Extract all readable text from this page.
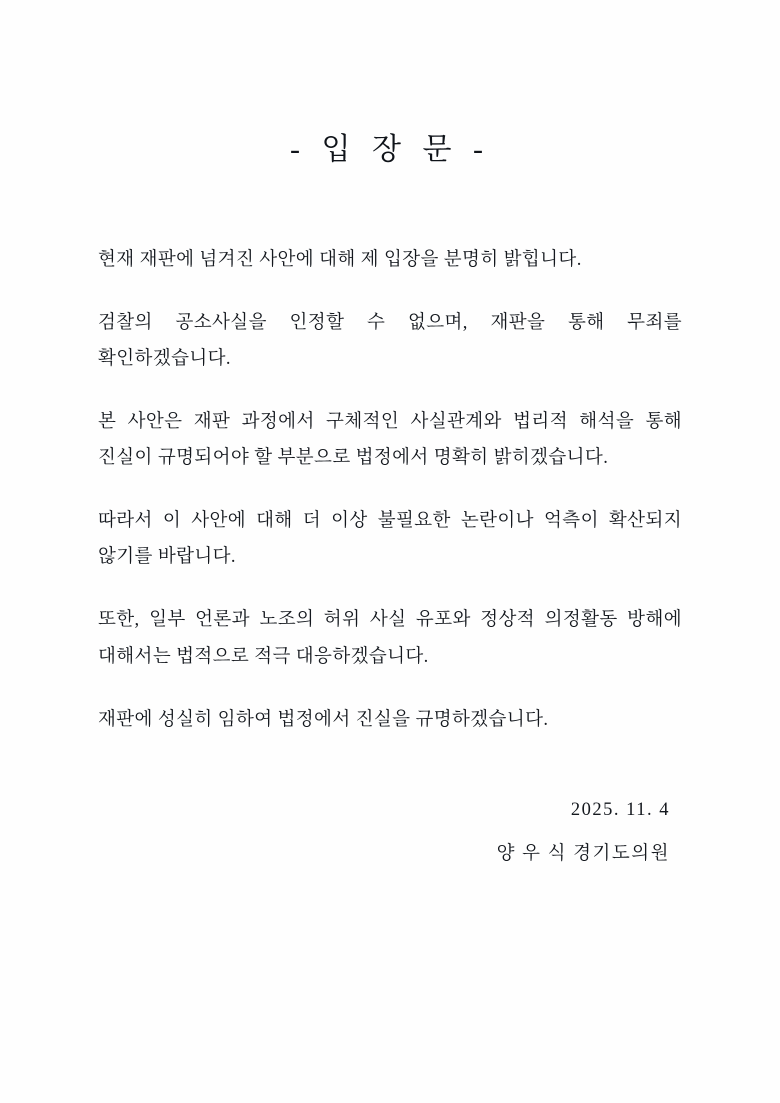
- 입 장 문 -

현재 재판에 넘겨진 사안에 대해 제 입장을 분명히 밝힙니다.

검찰의 공소사실을 인정할 수 없으며, 재판을 통해 무죄를 확인하겠습니다.

본 사안은 재판 과정에서 구체적인 사실관계와 법리적 해석을 통해 진실이 규명되어야 할 부분으로 법정에서 명확히 밝히겠습니다.

따라서 이 사안에 대해 더 이상 불필요한 논란이나 억측이 확산되지 않기를 바랍니다.

또한, 일부 언론과 노조의 허위 사실 유포와 정상적 의정활동 방해에 대해서는 법적으로 적극 대응하겠습니다.

재판에 성실히 임하여 법정에서 진실을 규명하겠습니다.

2025. 11. 4

양 우 식 경기도의원
